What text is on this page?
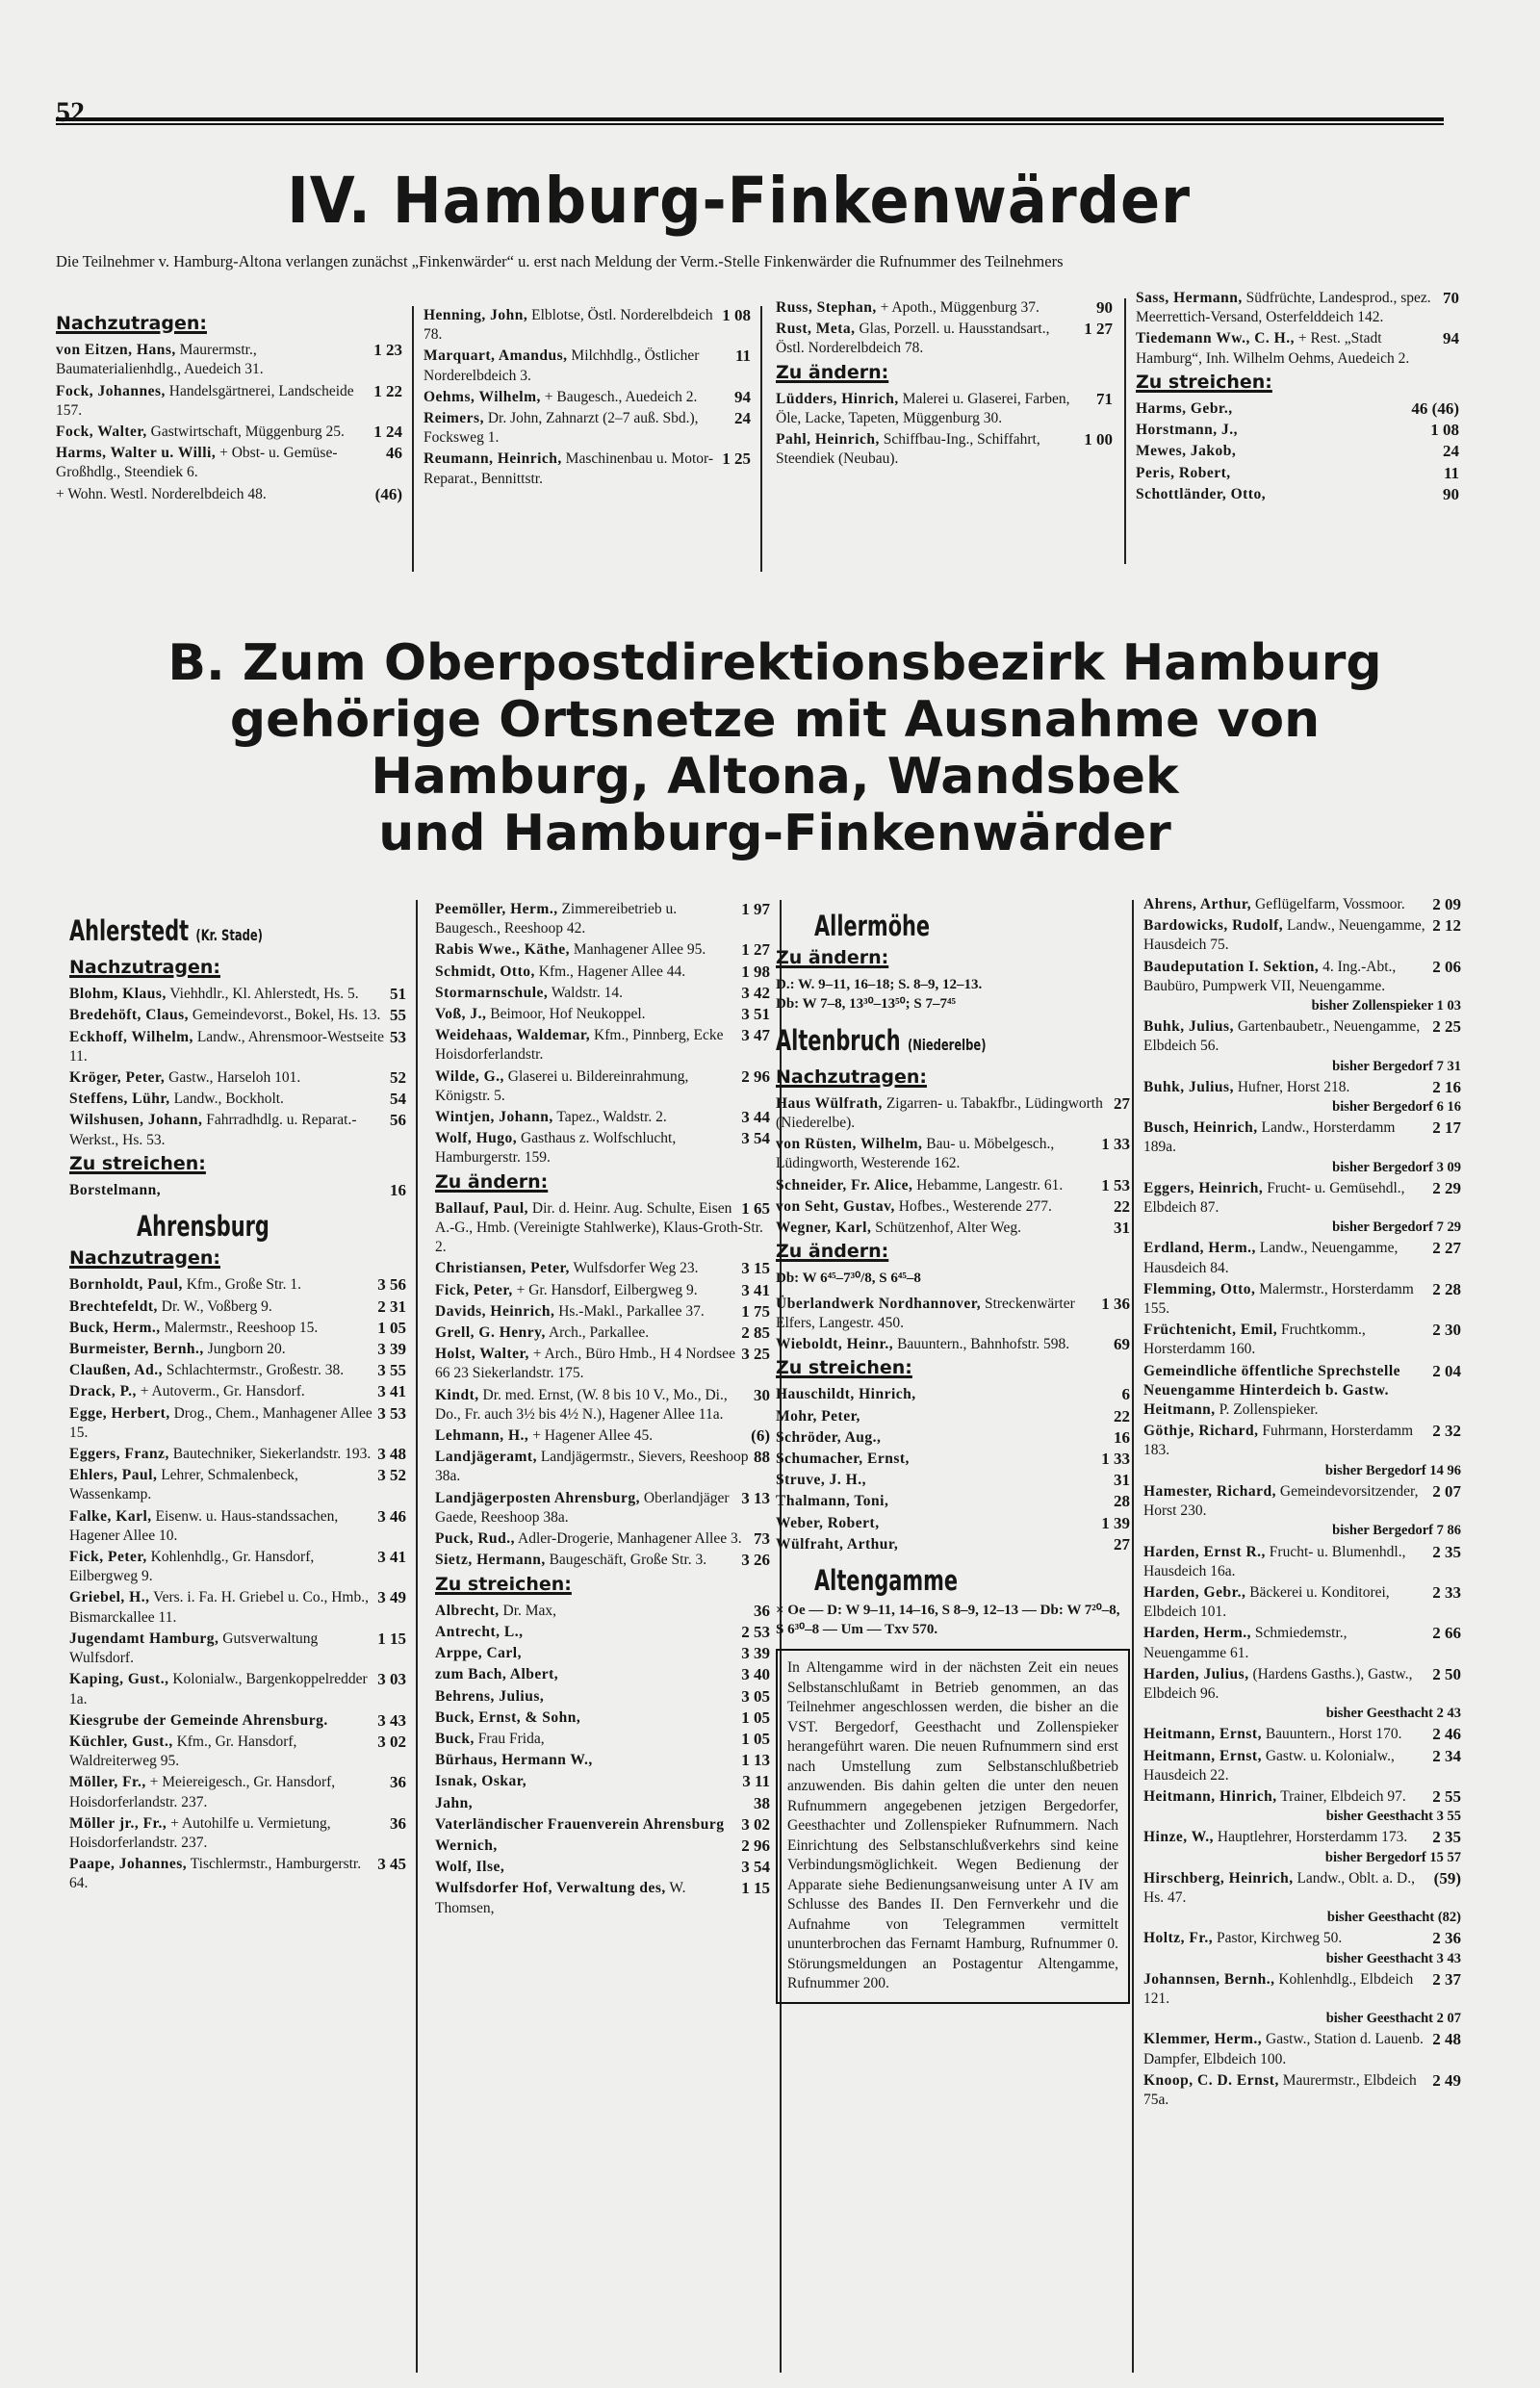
52
IV. Hamburg-Finkenwärder
Die Teilnehmer v. Hamburg-Altona verlangen zunächst „Finkenwärder“ u. erst nach Meldung der Verm.-Stelle Finkenwärder die Rufnummer des Teilnehmers
Nachzutragen:
1 23
von Eitzen, Hans, Maurermstr., Baumaterialienhdlg., Auedeich 31.
1 22
Fock, Johannes, Handelsgärtnerei, Landscheide 157.
1 24
Fock, Walter, Gastwirtschaft, Müggenburg 25.
46
Harms, Walter u. Willi, + Obst- u. Gemüse-Großhdlg., Steendiek 6.
(46)
+ Wohn. Westl. Norderelbdeich 48.
1 08
Henning, John, Elblotse, Östl. Norderelbdeich 78.
11
Marquart, Amandus, Milchhdlg., Östlicher Norderelbdeich 3.
94
Oehms, Wilhelm, + Baugesch., Auedeich 2.
24
Reimers, Dr. John, Zahnarzt (2–7 auß. Sbd.), Focksweg 1.
1 25
Reumann, Heinrich, Maschinenbau u. Motor-Reparat., Bennittstr.
90
Russ, Stephan, + Apoth., Müggenburg 37.
1 27
Rust, Meta, Glas, Porzell. u. Hausstandsart., Östl. Norderelbdeich 78.
Zu ändern:
71
Lüdders, Hinrich, Malerei u. Glaserei, Farben, Öle, Lacke, Tapeten, Müggenburg 30.
1 00
Pahl, Heinrich, Schiffbau-Ing., Schiffahrt, Steendiek (Neubau).
70
Sass, Hermann, Südfrüchte, Landesprod., spez. Meerrettich-Versand, Osterfelddeich 142.
94
Tiedemann Ww., C. H., + Rest. „Stadt Hamburg“, Inh. Wilhelm Oehms, Auedeich 2.
Zu streichen:
46 (46)
Harms, Gebr.,
1 08
Horstmann, J.,
24
Mewes, Jakob,
11
Peris, Robert,
90
Schottländer, Otto,
B. Zum Oberpostdirektionsbezirk Hamburg
gehörige Ortsnetze mit Ausnahme von
Hamburg, Altona, Wandsbek
und Hamburg-Finkenwärder
Ahlerstedt (Kr. Stade)
Nachzutragen:
51
Blohm, Klaus, Viehhdlr., Kl. Ahlerstedt, Hs. 5.
55
Bredehöft, Claus, Gemeindevorst., Bokel, Hs. 13.
53
Eckhoff, Wilhelm, Landw., Ahrensmoor-Westseite 11.
52
Kröger, Peter, Gastw., Harseloh 101.
54
Steffens, Lühr, Landw., Bockholt.
56
Wilshusen, Johann, Fahrradhdlg. u. Reparat.-Werkst., Hs. 53.
Zu streichen:
16
Borstelmann,
Ahrensburg
Nachzutragen:
3 56
Bornholdt, Paul, Kfm., Große Str. 1.
2 31
Brechtefeldt, Dr. W., Voßberg 9.
1 05
Buck, Herm., Malermstr., Reeshoop 15.
3 39
Burmeister, Bernh., Jungborn 20.
3 55
Claußen, Ad., Schlachtermstr., Großestr. 38.
3 41
Drack, P., + Autoverm., Gr. Hansdorf.
3 53
Egge, Herbert, Drog., Chem., Manhagener Allee 15.
3 48
Eggers, Franz, Bautechniker, Siekerlandstr. 193.
3 52
Ehlers, Paul, Lehrer, Schmalenbeck, Wassenkamp.
3 46
Falke, Karl, Eisenw. u. Haus-standssachen, Hagener Allee 10.
3 41
Fick, Peter, Kohlenhdlg., Gr. Hansdorf, Eilbergweg 9.
3 49
Griebel, H., Vers. i. Fa. H. Griebel u. Co., Hmb., Bismarckallee 11.
1 15
Jugendamt Hamburg, Gutsverwaltung Wulfsdorf.
3 03
Kaping, Gust., Kolonialw., Bargenkoppelredder 1a.
3 43
Kiesgrube der Gemeinde Ahrensburg.
3 02
Küchler, Gust., Kfm., Gr. Hansdorf, Waldreiterweg 95.
36
Möller, Fr., + Meiereigesch., Gr. Hansdorf, Hoisdorferlandstr. 237.
36
Möller jr., Fr., + Autohilfe u. Vermietung, Hoisdorferlandstr. 237.
3 45
Paape, Johannes, Tischlermstr., Hamburgerstr. 64.
1 97
Peemöller, Herm., Zimmereibetrieb u. Baugesch., Reeshoop 42.
1 27
Rabis Wwe., Käthe, Manhagener Allee 95.
1 98
Schmidt, Otto, Kfm., Hagener Allee 44.
3 42
Stormarnschule, Waldstr. 14.
3 51
Voß, J., Beimoor, Hof Neukoppel.
3 47
Weidehaas, Waldemar, Kfm., Pinnberg, Ecke Hoisdorferlandstr.
2 96
Wilde, G., Glaserei u. Bildereinrahmung, Königstr. 5.
3 44
Wintjen, Johann, Tapez., Waldstr. 2.
3 54
Wolf, Hugo, Gasthaus z. Wolfschlucht, Hamburgerstr. 159.
Zu ändern:
1 65
Ballauf, Paul, Dir. d. Heinr. Aug. Schulte, Eisen A.-G., Hmb. (Vereinigte Stahlwerke), Klaus-Groth-Str. 2.
3 15
Christiansen, Peter, Wulfsdorfer Weg 23.
3 41
Fick, Peter, + Gr. Hansdorf, Eilbergweg 9.
1 75
Davids, Heinrich, Hs.-Makl., Parkallee 37.
2 85
Grell, G. Henry, Arch., Parkallee.
3 25
Holst, Walter, + Arch., Büro Hmb., H 4 Nordsee 66 23 Siekerlandstr. 175.
30
Kindt, Dr. med. Ernst, (W. 8 bis 10 V., Mo., Di., Do., Fr. auch 3½ bis 4½ N.), Hagener Allee 11a.
(6)
Lehmann, H., + Hagener Allee 45.
88
Landjägeramt, Landjägermstr., Sievers, Reeshoop 38a.
3 13
Landjägerposten Ahrensburg, Oberlandjäger Gaede, Reeshoop 38a.
73
Puck, Rud., Adler-Drogerie, Manhagener Allee 3.
3 26
Sietz, Hermann, Baugeschäft, Große Str. 3.
Zu streichen:
36
Albrecht, Dr. Max,
2 53
Antrecht, L.,
3 39
Arppe, Carl,
3 40
zum Bach, Albert,
3 05
Behrens, Julius,
1 05
Buck, Ernst, & Sohn,
1 05
Buck, Frau Frida,
1 13
Bürhaus, Hermann W.,
3 11
Isnak, Oskar,
38
Jahn,
3 02
Vaterländischer Frauenverein Ahrensburg
2 96
Wernich,
3 54
Wolf, Ilse,
1 15
Wulfsdorfer Hof, Verwaltung des, W. Thomsen,
Allermöhe
Zu ändern:
D.: W. 9–11, 16–18; S. 8–9, 12–13.
Db: W 7–8, 13³⁰–13⁵⁰; S 7–7⁴⁵
Altenbruch (Niederelbe)
Nachzutragen:
27
Haus Wülfrath, Zigarren- u. Tabakfbr., Lüdingworth (Niederelbe).
1 33
von Rüsten, Wilhelm, Bau- u. Möbelgesch., Lüdingworth, Westerende 162.
1 53
Schneider, Fr. Alice, Hebamme, Langestr. 61.
22
von Seht, Gustav, Hofbes., Westerende 277.
31
Wegner, Karl, Schützenhof, Alter Weg.
Zu ändern:
Db: W 6⁴⁵–7³⁰/8, S 6⁴⁵–8
1 36
Überlandwerk Nordhannover, Streckenwärter Elfers, Langestr. 450.
69
Wieboldt, Heinr., Bauuntern., Bahnhofstr. 598.
Zu streichen:
6
Hauschildt, Hinrich,
22
Mohr, Peter,
16
Schröder, Aug.,
1 33
Schumacher, Ernst,
31
Struve, J. H.,
28
Thalmann, Toni,
1 39
Weber, Robert,
27
Wülfraht, Arthur,
Altengamme
× Oe — D: W 9–11, 14–16, S 8–9, 12–13 — Db: W 7²⁰–8, S 6³⁰–8 — Um — Txv 570.
In Altengamme wird in der nächsten Zeit ein neues Selbstanschlußamt in Betrieb genommen, an das Teilnehmer angeschlossen werden, die bisher an die VST. Bergedorf, Geesthacht und Zollenspieker herangeführt waren. Die neuen Rufnummern sind erst nach Umstellung zum Selbstanschlußbetrieb anzuwenden. Bis dahin gelten die unter den neuen Rufnummern angegebenen jetzigen Bergedorfer, Geesthachter und Zollenspieker Rufnummern. Nach Einrichtung des Selbstanschlußverkehrs sind keine Verbindungsmöglichkeit. Wegen Bedienung der Apparate siehe Bedienungsanweisung unter A IV am Schlusse des Bandes II. Den Fernverkehr und die Aufnahme von Telegrammen vermittelt ununterbrochen das Fernamt Hamburg, Rufnummer 0. Störungsmeldungen an Postagentur Altengamme, Rufnummer 200.
2 09
Ahrens, Arthur, Geflügelfarm, Vossmoor.
2 12
Bardowicks, Rudolf, Landw., Neuengamme, Hausdeich 75.
2 06
Baudeputation I. Sektion, 4. Ing.-Abt., Baubüro, Pumpwerk VII, Neuengamme.
bisher Zollenspieker 1 03
2 25
Buhk, Julius, Gartenbaubetr., Neuengamme, Elbdeich 56.
bisher Bergedorf 7 31
2 16
Buhk, Julius, Hufner, Horst 218.
bisher Bergedorf 6 16
2 17
Busch, Heinrich, Landw., Horsterdamm 189a.
bisher Bergedorf 3 09
2 29
Eggers, Heinrich, Frucht- u. Gemüsehdl., Elbdeich 87.
bisher Bergedorf 7 29
2 27
Erdland, Herm., Landw., Neuengamme, Hausdeich 84.
2 28
Flemming, Otto, Malermstr., Horsterdamm 155.
2 30
Früchtenicht, Emil, Fruchtkomm., Horsterdamm 160.
2 04
Gemeindliche öffentliche Sprechstelle Neuengamme Hinterdeich b. Gastw. Heitmann, P. Zollenspieker.
2 32
Göthje, Richard, Fuhrmann, Horsterdamm 183.
bisher Bergedorf 14 96
2 07
Hamester, Richard, Gemeindevorsitzender, Horst 230.
bisher Bergedorf 7 86
2 35
Harden, Ernst R., Frucht- u. Blumenhdl., Hausdeich 16a.
2 33
Harden, Gebr., Bäckerei u. Konditorei, Elbdeich 101.
2 66
Harden, Herm., Schmiedemstr., Neuengamme 61.
2 50
Harden, Julius, (Hardens Gasths.), Gastw., Elbdeich 96.
bisher Geesthacht 2 43
2 46
Heitmann, Ernst, Bauuntern., Horst 170.
2 34
Heitmann, Ernst, Gastw. u. Kolonialw., Hausdeich 22.
2 55
Heitmann, Hinrich, Trainer, Elbdeich 97.
bisher Geesthacht 3 55
2 35
Hinze, W., Hauptlehrer, Horsterdamm 173.
bisher Bergedorf 15 57
(59)
Hirschberg, Heinrich, Landw., Oblt. a. D., Hs. 47.
bisher Geesthacht (82)
2 36
Holtz, Fr., Pastor, Kirchweg 50.
bisher Geesthacht 3 43
2 37
Johannsen, Bernh., Kohlenhdlg., Elbdeich 121.
bisher Geesthacht 2 07
2 48
Klemmer, Herm., Gastw., Station d. Lauenb. Dampfer, Elbdeich 100.
2 49
Knoop, C. D. Ernst, Maurermstr., Elbdeich 75a.
